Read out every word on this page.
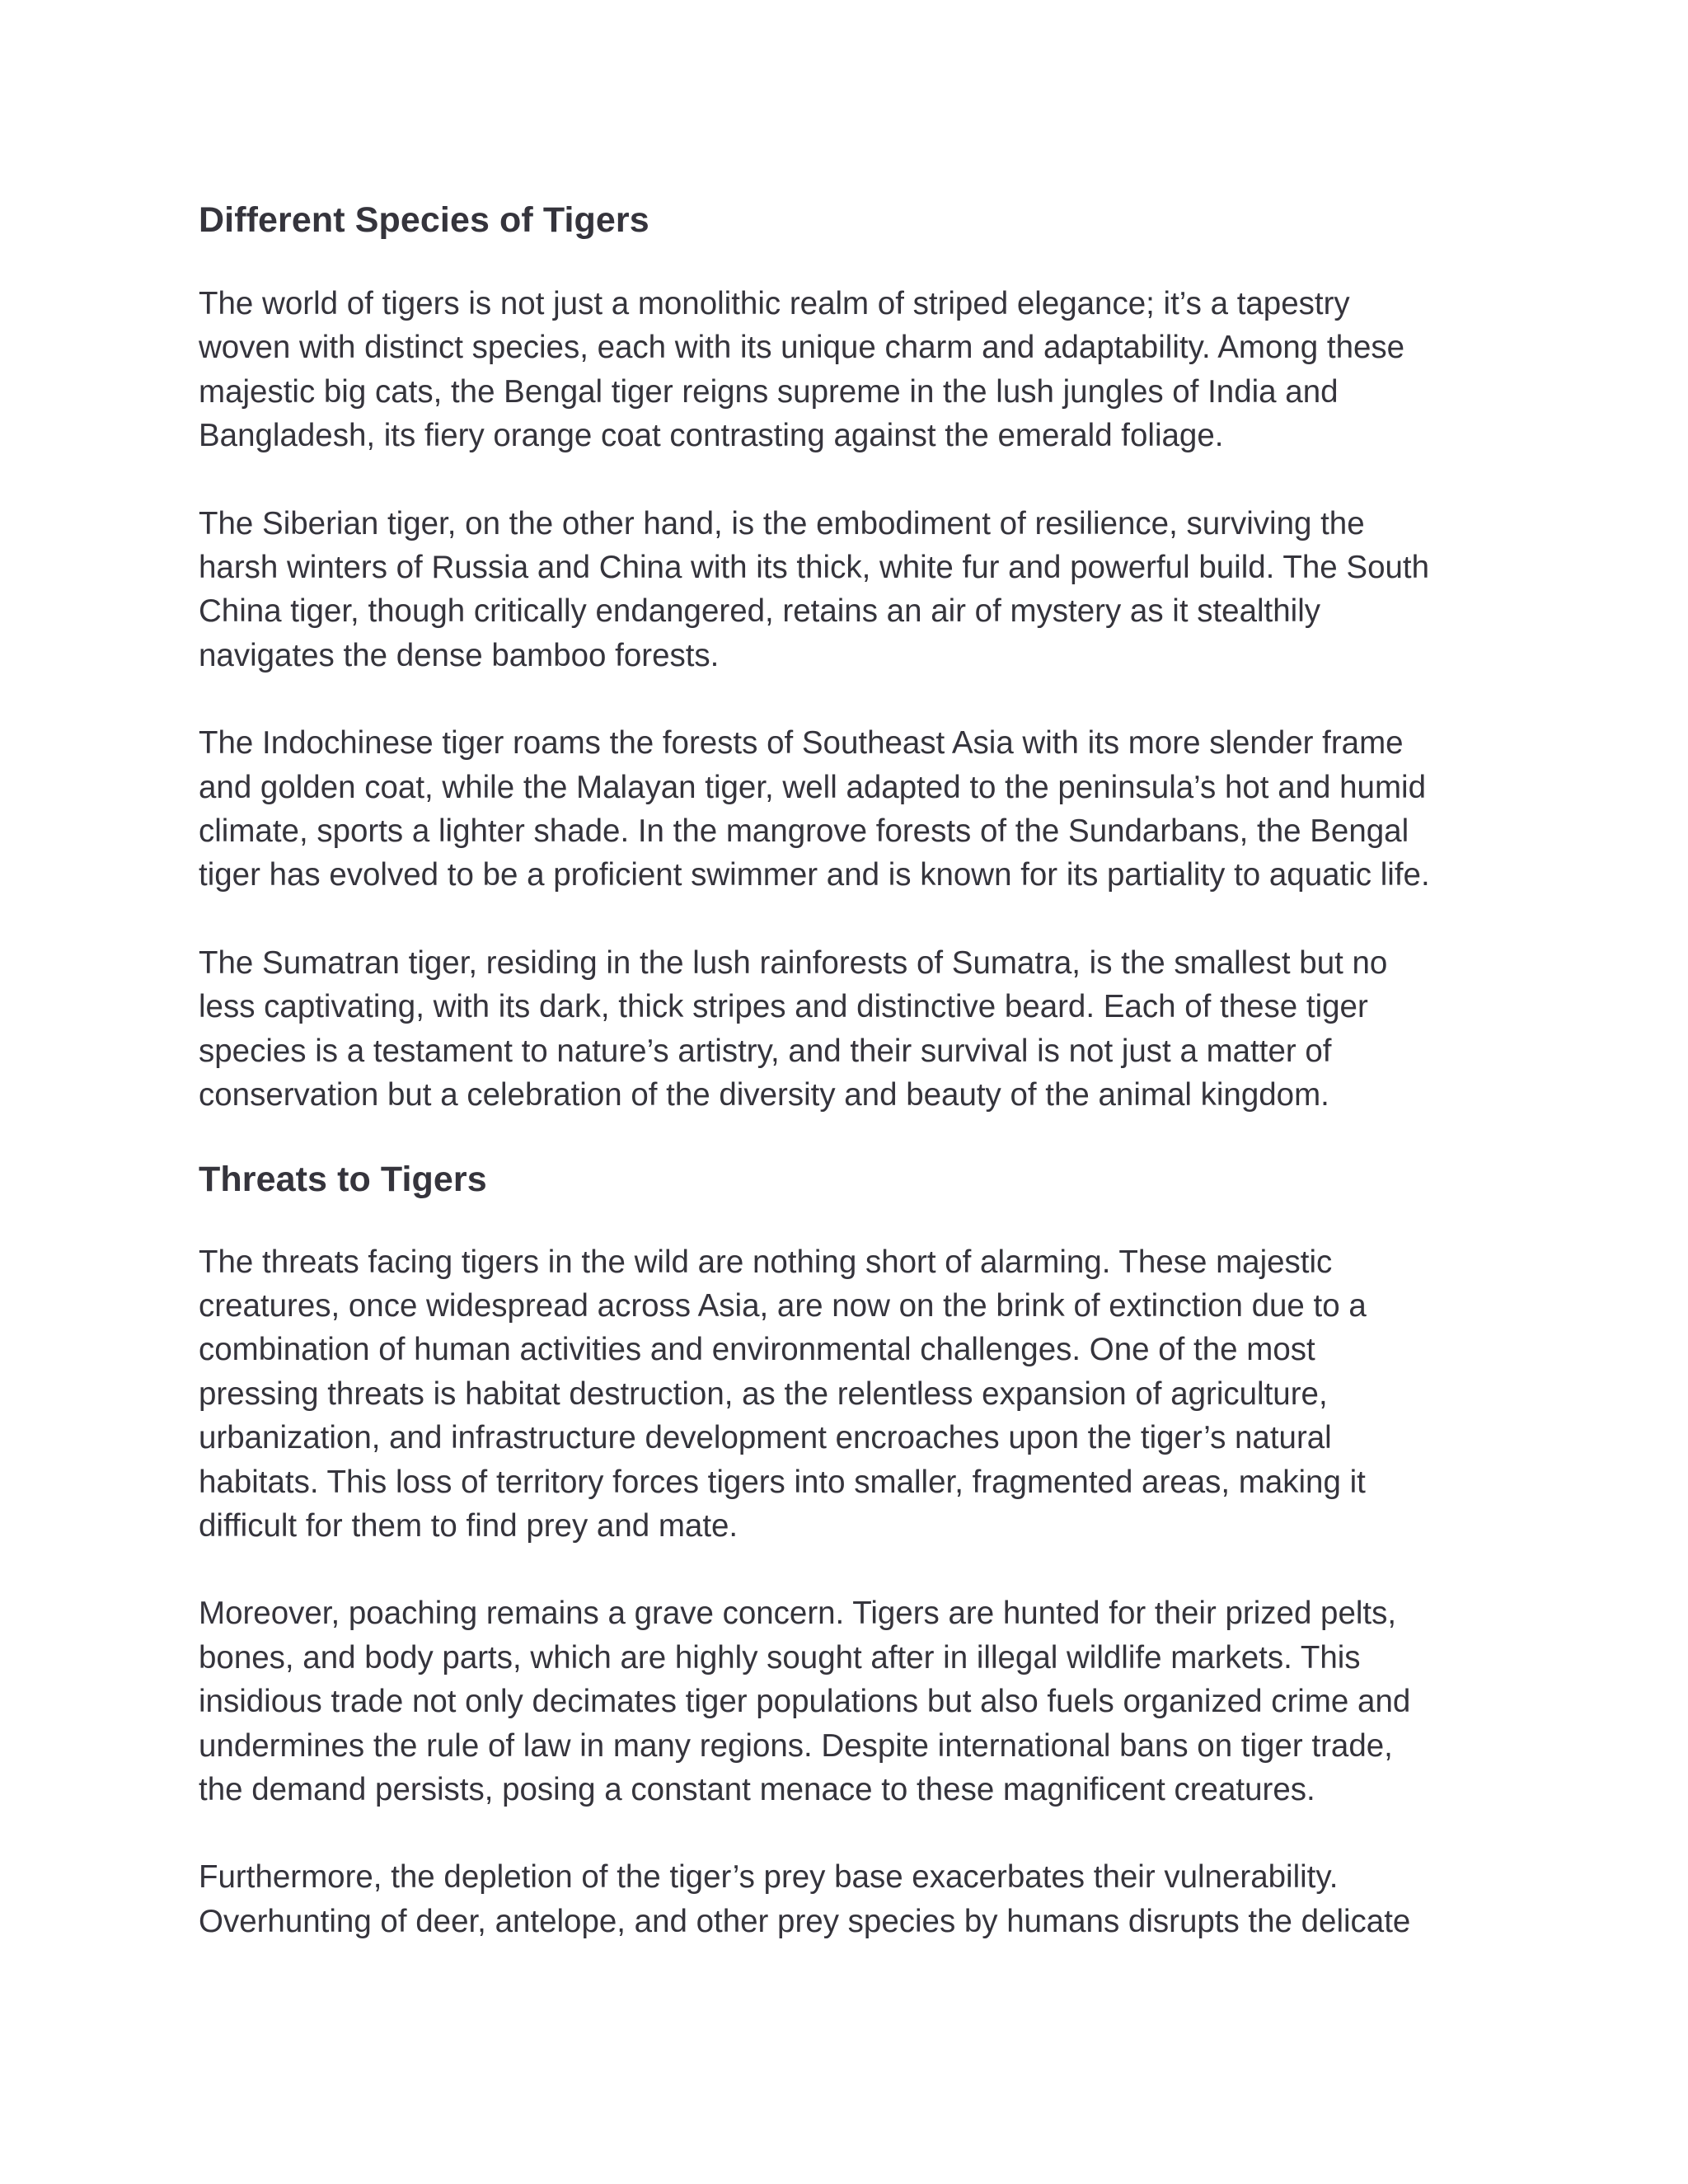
Different Species of Tigers

The world of tigers is not just a monolithic realm of striped elegance; it’s a tapestry
woven with distinct species, each with its unique charm and adaptability. Among these
majestic big cats, the Bengal tiger reigns supreme in the lush jungles of India and
Bangladesh, its fiery orange coat contrasting against the emerald foliage.

The Siberian tiger, on the other hand, is the embodiment of resilience, surviving the
harsh winters of Russia and China with its thick, white fur and powerful build. The South
China tiger, though critically endangered, retains an air of mystery as it stealthily
navigates the dense bamboo forests.

The Indochinese tiger roams the forests of Southeast Asia with its more slender frame
and golden coat, while the Malayan tiger, well adapted to the peninsula’s hot and humid
climate, sports a lighter shade. In the mangrove forests of the Sundarbans, the Bengal
tiger has evolved to be a proficient swimmer and is known for its partiality to aquatic life.

The Sumatran tiger, residing in the lush rainforests of Sumatra, is the smallest but no
less captivating, with its dark, thick stripes and distinctive beard. Each of these tiger
species is a testament to nature’s artistry, and their survival is not just a matter of
conservation but a celebration of the diversity and beauty of the animal kingdom.

Threats to Tigers

The threats facing tigers in the wild are nothing short of alarming. These majestic
creatures, once widespread across Asia, are now on the brink of extinction due to a
combination of human activities and environmental challenges. One of the most
pressing threats is habitat destruction, as the relentless expansion of agriculture,
urbanization, and infrastructure development encroaches upon the tiger’s natural
habitats. This loss of territory forces tigers into smaller, fragmented areas, making it
difficult for them to find prey and mate.

Moreover, poaching remains a grave concern. Tigers are hunted for their prized pelts,
bones, and body parts, which are highly sought after in illegal wildlife markets. This
insidious trade not only decimates tiger populations but also fuels organized crime and
undermines the rule of law in many regions. Despite international bans on tiger trade,
the demand persists, posing a constant menace to these magnificent creatures.

Furthermore, the depletion of the tiger’s prey base exacerbates their vulnerability.
Overhunting of deer, antelope, and other prey species by humans disrupts the delicate
